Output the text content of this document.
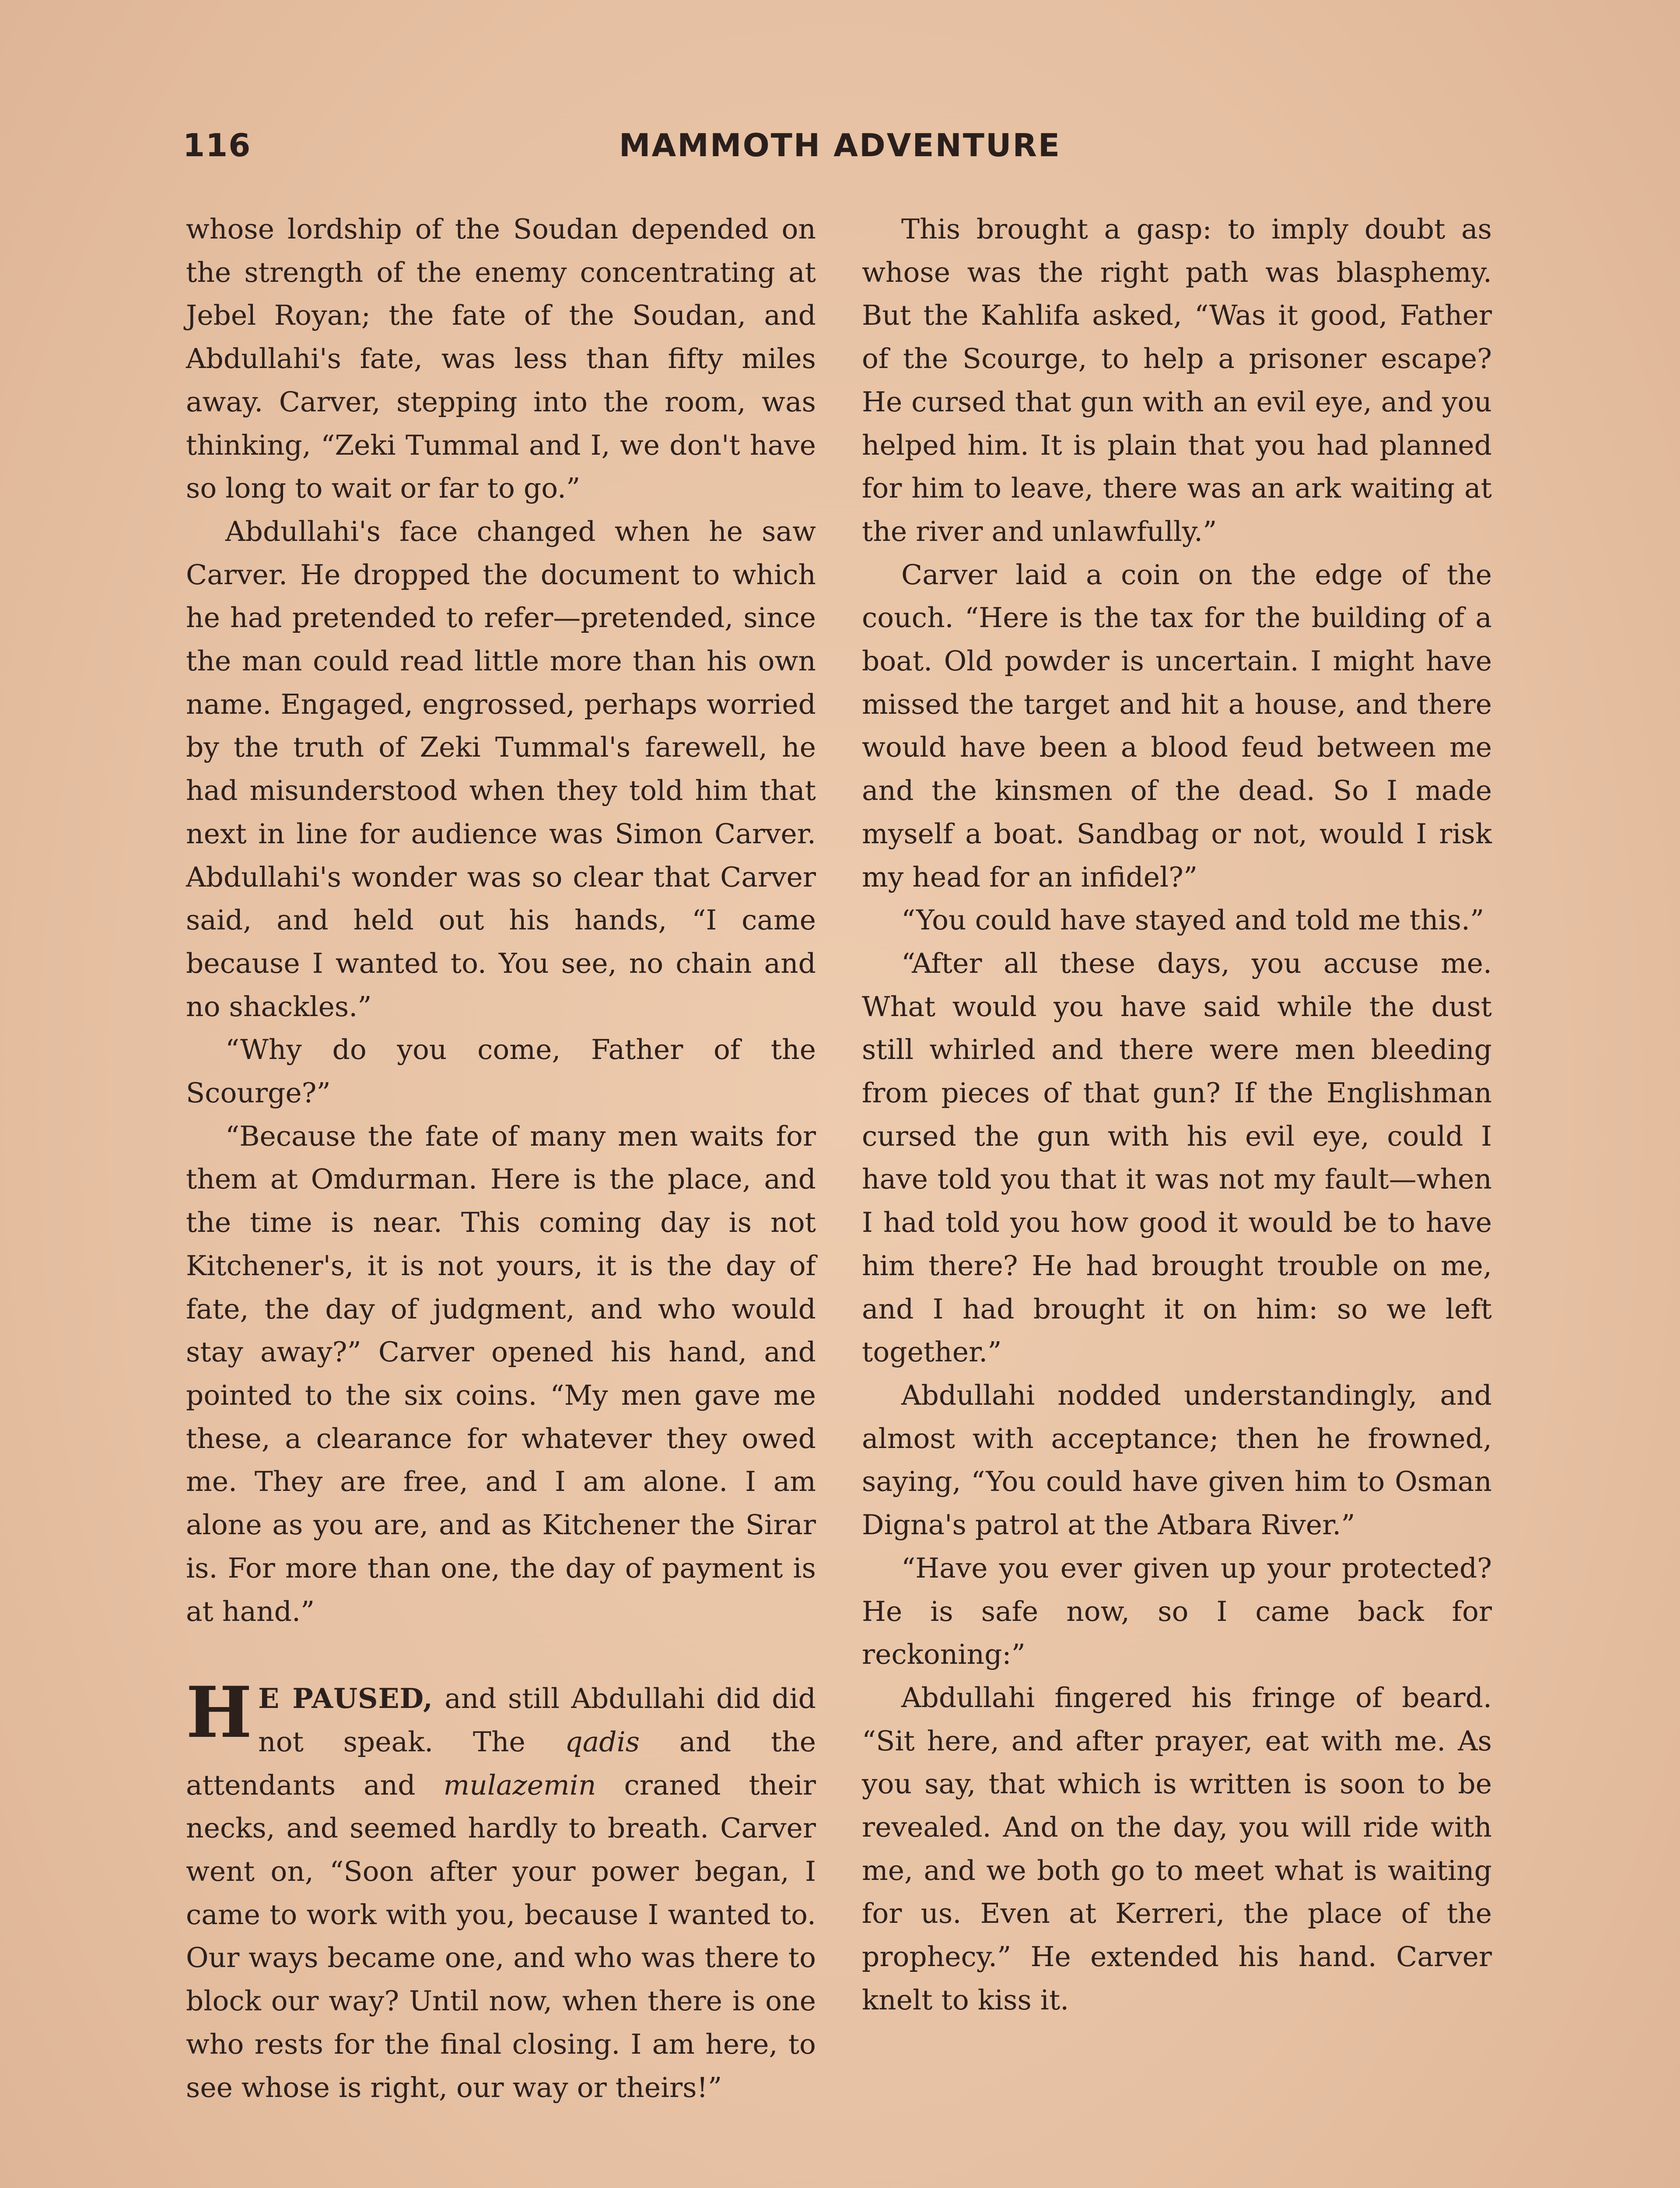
116	MAMMOTH ADVENTURE

whose lordship of the Soudan depended on the strength of the enemy concentrating at Jebel Royan; the fate of the Soudan, and Abdullahi's fate, was less than fifty miles away. Carver, stepping into the room, was thinking, “Zeki Tummal and I, we don't have so long to wait or far to go.”

Abdullahi's face changed when he saw Carver. He dropped the document to which he had pretended to refer—pretended, since the man could read little more than his own name. Engaged, engrossed, perhaps worried by the truth of Zeki Tummal's farewell, he had misunderstood when they told him that next in line for audience was Simon Carver. Abdullahi's wonder was so clear that Carver said, and held out his hands, “I came because I wanted to. You see, no chain and no shackles.”

“Why do you come, Father of the Scourge?”

“Because the fate of many men waits for them at Omdurman. Here is the place, and the time is near. This coming day is not Kitchener's, it is not yours, it is the day of fate, the day of judgment, and who would stay away?” Carver opened his hand, and pointed to the six coins. “My men gave me these, a clearance for whatever they owed me. They are free, and I am alone. I am alone as you are, and as Kitchener the Sirar is. For more than one, the day of payment is at hand.”

H E PAUSED, and still Abdullahi did did not speak. The qadis and the attendants and mulazemin craned their necks, and seemed hardly to breath. Carver went on, “Soon after your power began, I came to work with you, because I wanted to. Our ways became one, and who was there to block our way? Until now, when there is one who rests for the final closing. I am here, to see whose is right, our way or theirs!”

This brought a gasp: to imply doubt as whose was the right path was blasphemy. But the Kahlifa asked, “Was it good, Father of the Scourge, to help a prisoner escape? He cursed that gun with an evil eye, and you helped him. It is plain that you had planned for him to leave, there was an ark waiting at the river and unlawfully.”

Carver laid a coin on the edge of the couch. “Here is the tax for the building of a boat. Old powder is uncertain. I might have missed the target and hit a house, and there would have been a blood feud between me and the kinsmen of the dead. So I made myself a boat. Sandbag or not, would I risk my head for an infidel?”

“You could have stayed and told me this.”

“After all these days, you accuse me. What would you have said while the dust still whirled and there were men bleeding from pieces of that gun? If the Englishman cursed the gun with his evil eye, could I have told you that it was not my fault—when I had told you how good it would be to have him there? He had brought trouble on me, and I had brought it on him: so we left together.”

Abdullahi nodded understandingly, and almost with acceptance; then he frowned, saying, “You could have given him to Osman Digna's patrol at the Atbara River.”

“Have you ever given up your protected? He is safe now, so I came back for reckoning:”

Abdullahi fingered his fringe of beard. “Sit here, and after prayer, eat with me. As you say, that which is written is soon to be revealed. And on the day, you will ride with me, and we both go to meet what is waiting for us. Even at Kerreri, the place of the prophecy.” He extended his hand. Carver knelt to kiss it.
